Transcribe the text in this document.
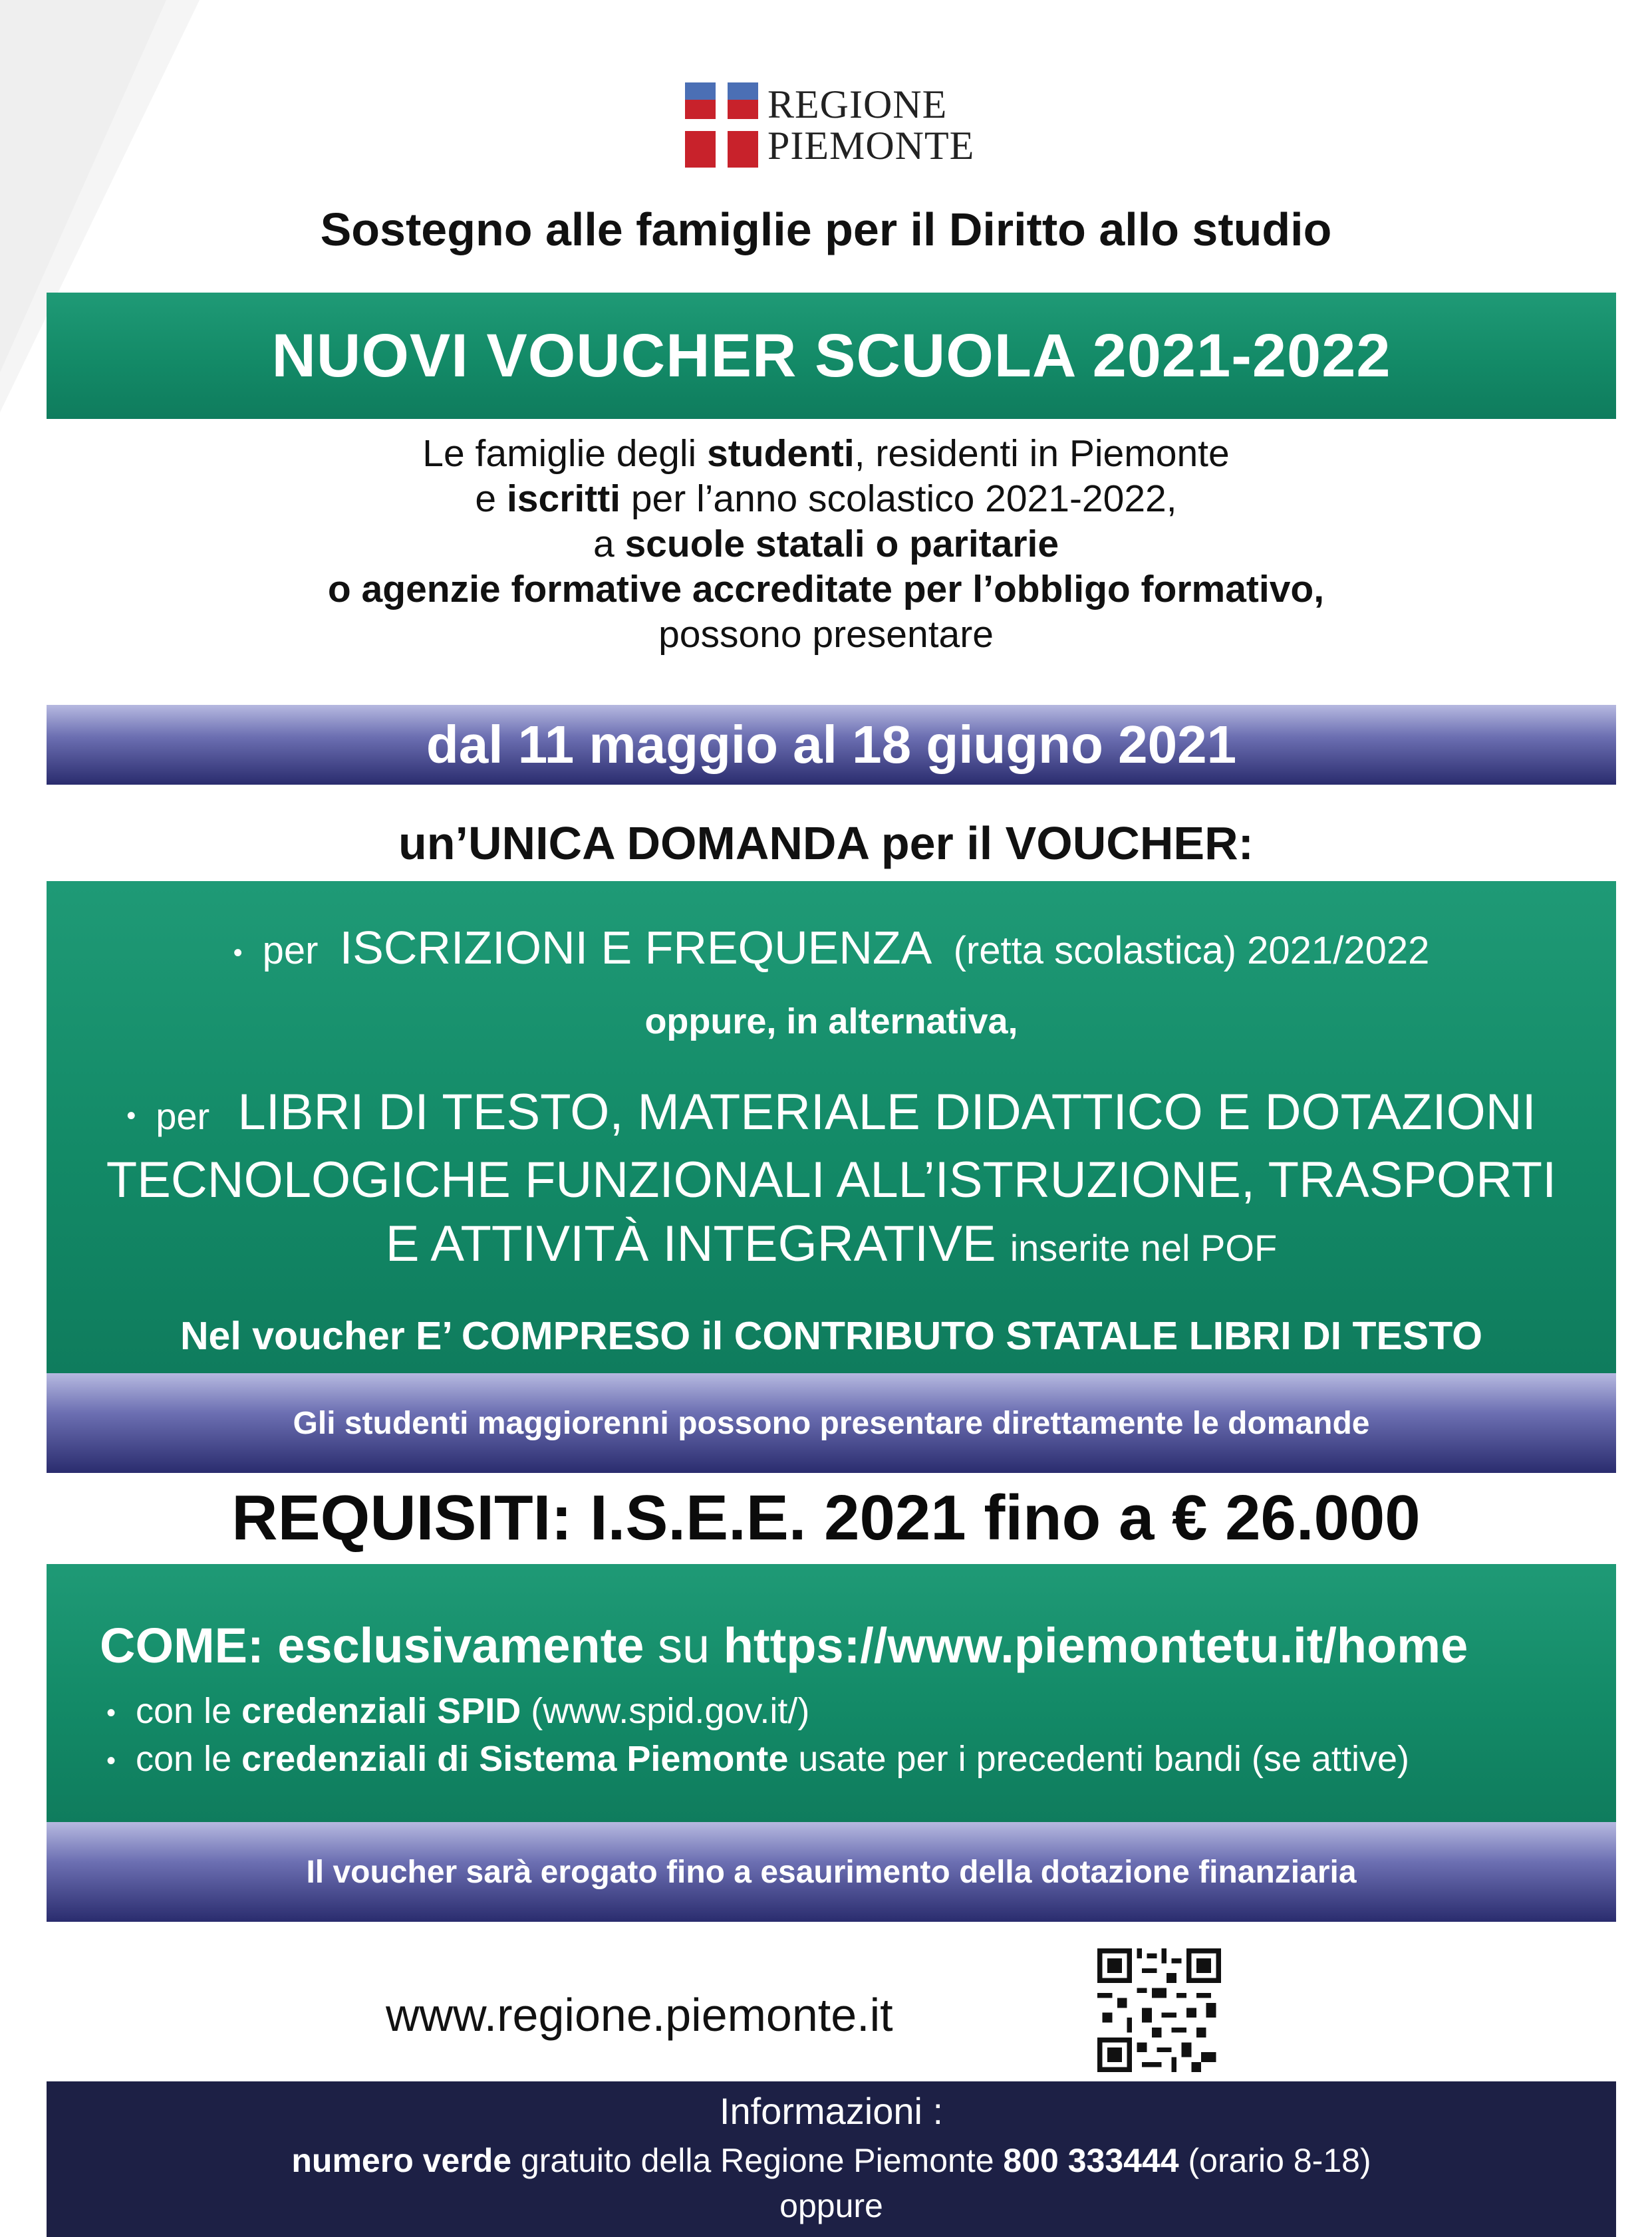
REGIONE
PIEMONTE
Sostegno alle famiglie per il Diritto allo studio
NUOVI VOUCHER SCUOLA 2021-2022
Le famiglie degli studenti, residenti in Piemonte
e iscritti per l’anno scolastico 2021-2022,
a scuole statali o paritarie
o agenzie formative accreditate per l’obbligo formativo,
possono presentare
dal 11 maggio al 18 giugno 2021
un’UNICA DOMANDA per il VOUCHER:
• per ISCRIZIONI E FREQUENZA (retta scolastica) 2021/2022
oppure, in alternativa,
• per LIBRI DI TESTO, MATERIALE DIDATTICO E DOTAZIONI
TECNOLOGICHE FUNZIONALI ALL’ISTRUZIONE, TRASPORTI
E ATTIVITÀ INTEGRATIVE inserite nel POF
Nel voucher E’ COMPRESO il CONTRIBUTO STATALE LIBRI DI TESTO
Gli studenti maggiorenni possono presentare direttamente le domande
REQUISITI: I.S.E.E. 2021 fino a € 26.000
COME: esclusivamente su https://www.piemontetu.it/home
• con le credenziali SPID (www.spid.gov.it/)
• con le credenziali di Sistema Piemonte usate per i precedenti bandi (se attive)
Il voucher sarà erogato fino a esaurimento della dotazione finanziaria
www.regione.piemonte.it
Informazioni :
numero verde gratuito della Regione Piemonte 800 333444 (orario 8-18)
oppure
